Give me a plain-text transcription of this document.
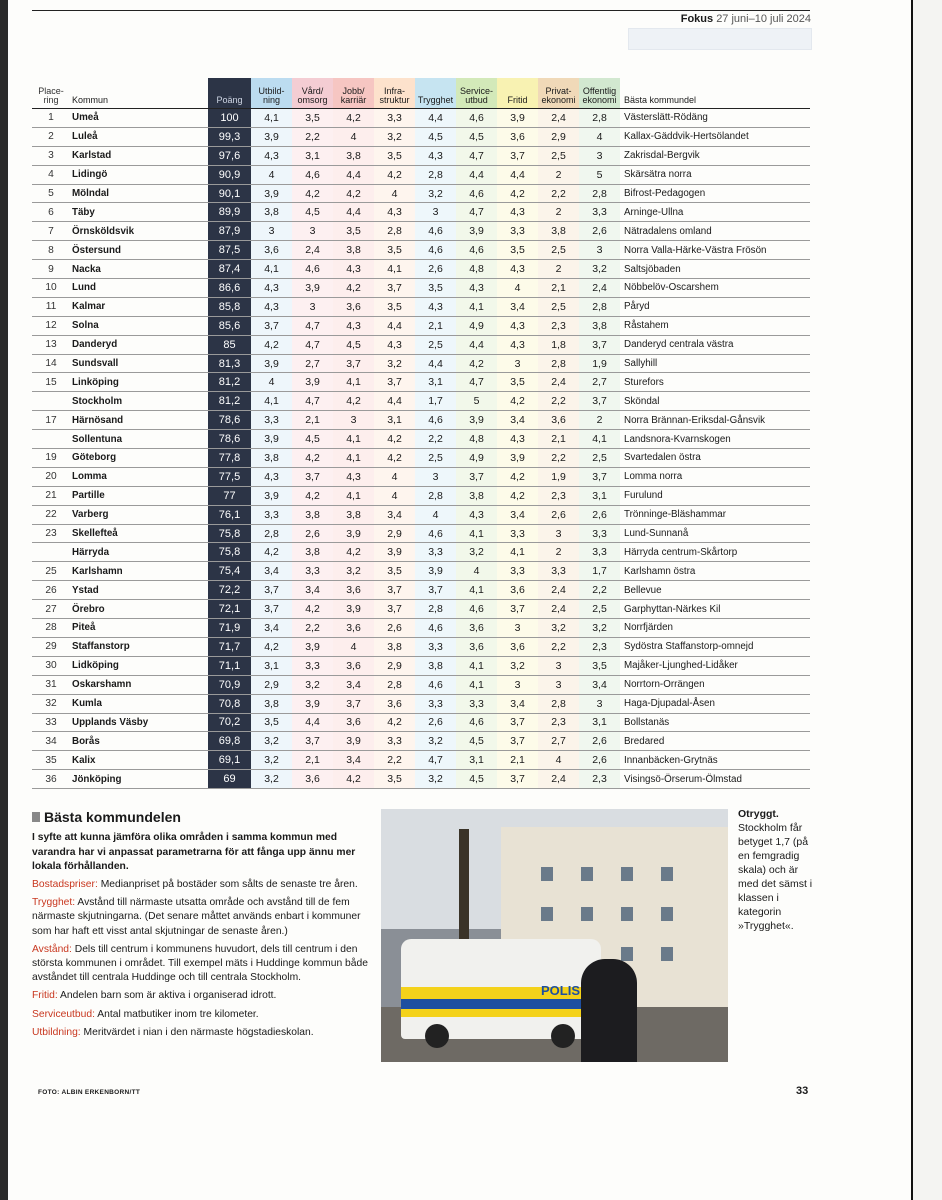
Fokus 27 juni–10 juli 2024
Place-ring	Kommun	Poäng	Utbild-ning	Vård/ omsorg	Jobb/ karriär	Infra-struktur	Trygghet	Service-utbud	Fritid	Privat-ekonomi	Offentlig ekonomi	Bästa kommundel
1	Umeå	100	4,1	3,5	4,2	3,3	4,4	4,6	3,9	2,4	2,8	Västerslätt-Rödäng
2	Luleå	99,3	3,9	2,2	4	3,2	4,5	4,5	3,6	2,9	4	Kallax-Gäddvik-Hertsölandet
3	Karlstad	97,6	4,3	3,1	3,8	3,5	4,3	4,7	3,7	2,5	3	Zakrisdal-Bergvik
4	Lidingö	90,9	4	4,6	4,4	4,2	2,8	4,4	4,4	2	5	Skärsätra norra
5	Mölndal	90,1	3,9	4,2	4,2	4	3,2	4,6	4,2	2,2	2,8	Bifrost-Pedagogen
6	Täby	89,9	3,8	4,5	4,4	4,3	3	4,7	4,3	2	3,3	Arninge-Ullna
7	Örnsköldsvik	87,9	3	3	3,5	2,8	4,6	3,9	3,3	3,8	2,6	Nätradalens omland
8	Östersund	87,5	3,6	2,4	3,8	3,5	4,6	4,6	3,5	2,5	3	Norra Valla-Härke-Västra Frösön
9	Nacka	87,4	4,1	4,6	4,3	4,1	2,6	4,8	4,3	2	3,2	Saltsjöbaden
10	Lund	86,6	4,3	3,9	4,2	3,7	3,5	4,3	4	2,1	2,4	Nöbbelöv-Oscarshem
11	Kalmar	85,8	4,3	3	3,6	3,5	4,3	4,1	3,4	2,5	2,8	Påryd
12	Solna	85,6	3,7	4,7	4,3	4,4	2,1	4,9	4,3	2,3	3,8	Råstahem
13	Danderyd	85	4,2	4,7	4,5	4,3	2,5	4,4	4,3	1,8	3,7	Danderyd centrala västra
14	Sundsvall	81,3	3,9	2,7	3,7	3,2	4,4	4,2	3	2,8	1,9	Sallyhill
15	Linköping	81,2	4	3,9	4,1	3,7	3,1	4,7	3,5	2,4	2,7	Sturefors
	Stockholm	81,2	4,1	4,7	4,2	4,4	1,7	5	4,2	2,2	3,7	Sköndal
17	Härnösand	78,6	3,3	2,1	3	3,1	4,6	3,9	3,4	3,6	2	Norra Brännan-Eriksdal-Gånsvik
	Sollentuna	78,6	3,9	4,5	4,1	4,2	2,2	4,8	4,3	2,1	4,1	Landsnora-Kvarnskogen
19	Göteborg	77,8	3,8	4,2	4,1	4,2	2,5	4,9	3,9	2,2	2,5	Svartedalen östra
20	Lomma	77,5	4,3	3,7	4,3	4	3	3,7	4,2	1,9	3,7	Lomma norra
21	Partille	77	3,9	4,2	4,1	4	2,8	3,8	4,2	2,3	3,1	Furulund
22	Varberg	76,1	3,3	3,8	3,8	3,4	4	4,3	3,4	2,6	2,6	Trönninge-Bläshammar
23	Skellefteå	75,8	2,8	2,6	3,9	2,9	4,6	4,1	3,3	3	3,3	Lund-Sunnanå
	Härryda	75,8	4,2	3,8	4,2	3,9	3,3	3,2	4,1	2	3,3	Härryda centrum-Skårtorp
25	Karlshamn	75,4	3,4	3,3	3,2	3,5	3,9	4	3,3	3,3	1,7	Karlshamn östra
26	Ystad	72,2	3,7	3,4	3,6	3,7	3,7	4,1	3,6	2,4	2,2	Bellevue
27	Örebro	72,1	3,7	4,2	3,9	3,7	2,8	4,6	3,7	2,4	2,5	Garphyttan-Närkes Kil
28	Piteå	71,9	3,4	2,2	3,6	2,6	4,6	3,6	3	3,2	3,2	Norrfjärden
29	Staffanstorp	71,7	4,2	3,9	4	3,8	3,3	3,6	3,6	2,2	2,3	Sydöstra Staffanstorp-omnejd
30	Lidköping	71,1	3,1	3,3	3,6	2,9	3,8	4,1	3,2	3	3,5	Majåker-Ljunghed-Lidåker
31	Oskarshamn	70,9	2,9	3,2	3,4	2,8	4,6	4,1	3	3	3,4	Norrtorn-Orrängen
32	Kumla	70,8	3,8	3,9	3,7	3,6	3,3	3,3	3,4	2,8	3	Haga-Djupadal-Åsen
33	Upplands Väsby	70,2	3,5	4,4	3,6	4,2	2,6	4,6	3,7	2,3	3,1	Bollstanäs
34	Borås	69,8	3,2	3,7	3,9	3,3	3,2	4,5	3,7	2,7	2,6	Bredared
35	Kalix	69,1	3,2	2,1	3,4	2,2	4,7	3,1	2,1	4	2,6	Innanbäcken-Grytnäs
36	Jönköping	69	3,2	3,6	4,2	3,5	3,2	4,5	3,7	2,4	2,3	Visingsö-Örserum-Ölmstad
Bästa kommundelen

I syfte att kunna jämföra olika områden i samma kommun med varandra har vi anpassat parametrarna för att fånga upp ännu mer lokala förhållanden.

Bostadspriser: Medianpriset på bostäder som sålts de senaste tre åren.

Trygghet: Avstånd till närmaste utsatta område och avstånd till de fem närmaste skjutningarna. (Det senare måttet används enbart i kommuner som har haft ett visst antal skjutningar de senaste åren.)

Avstånd: Dels till centrum i kommunens huvudort, dels till centrum i den största kommunen i området. Till exempel mäts i Huddinge kommun både avståndet till centrala Huddinge och till centrala Stockholm.

Fritid: Andelen barn som är aktiva i organiserad idrott.

Serviceutbud: Antal matbutiker inom tre kilometer.

Utbildning: Meritvärdet i nian i den närmaste högstadieskolan.

POLIS
Otryggt.
Stockholm får betyget 1,7 (på en femgradig skala) och är med det sämst i klassen i kategorin »Trygghet«.
FOTO: ALBIN ERKENBORN/TT	33
